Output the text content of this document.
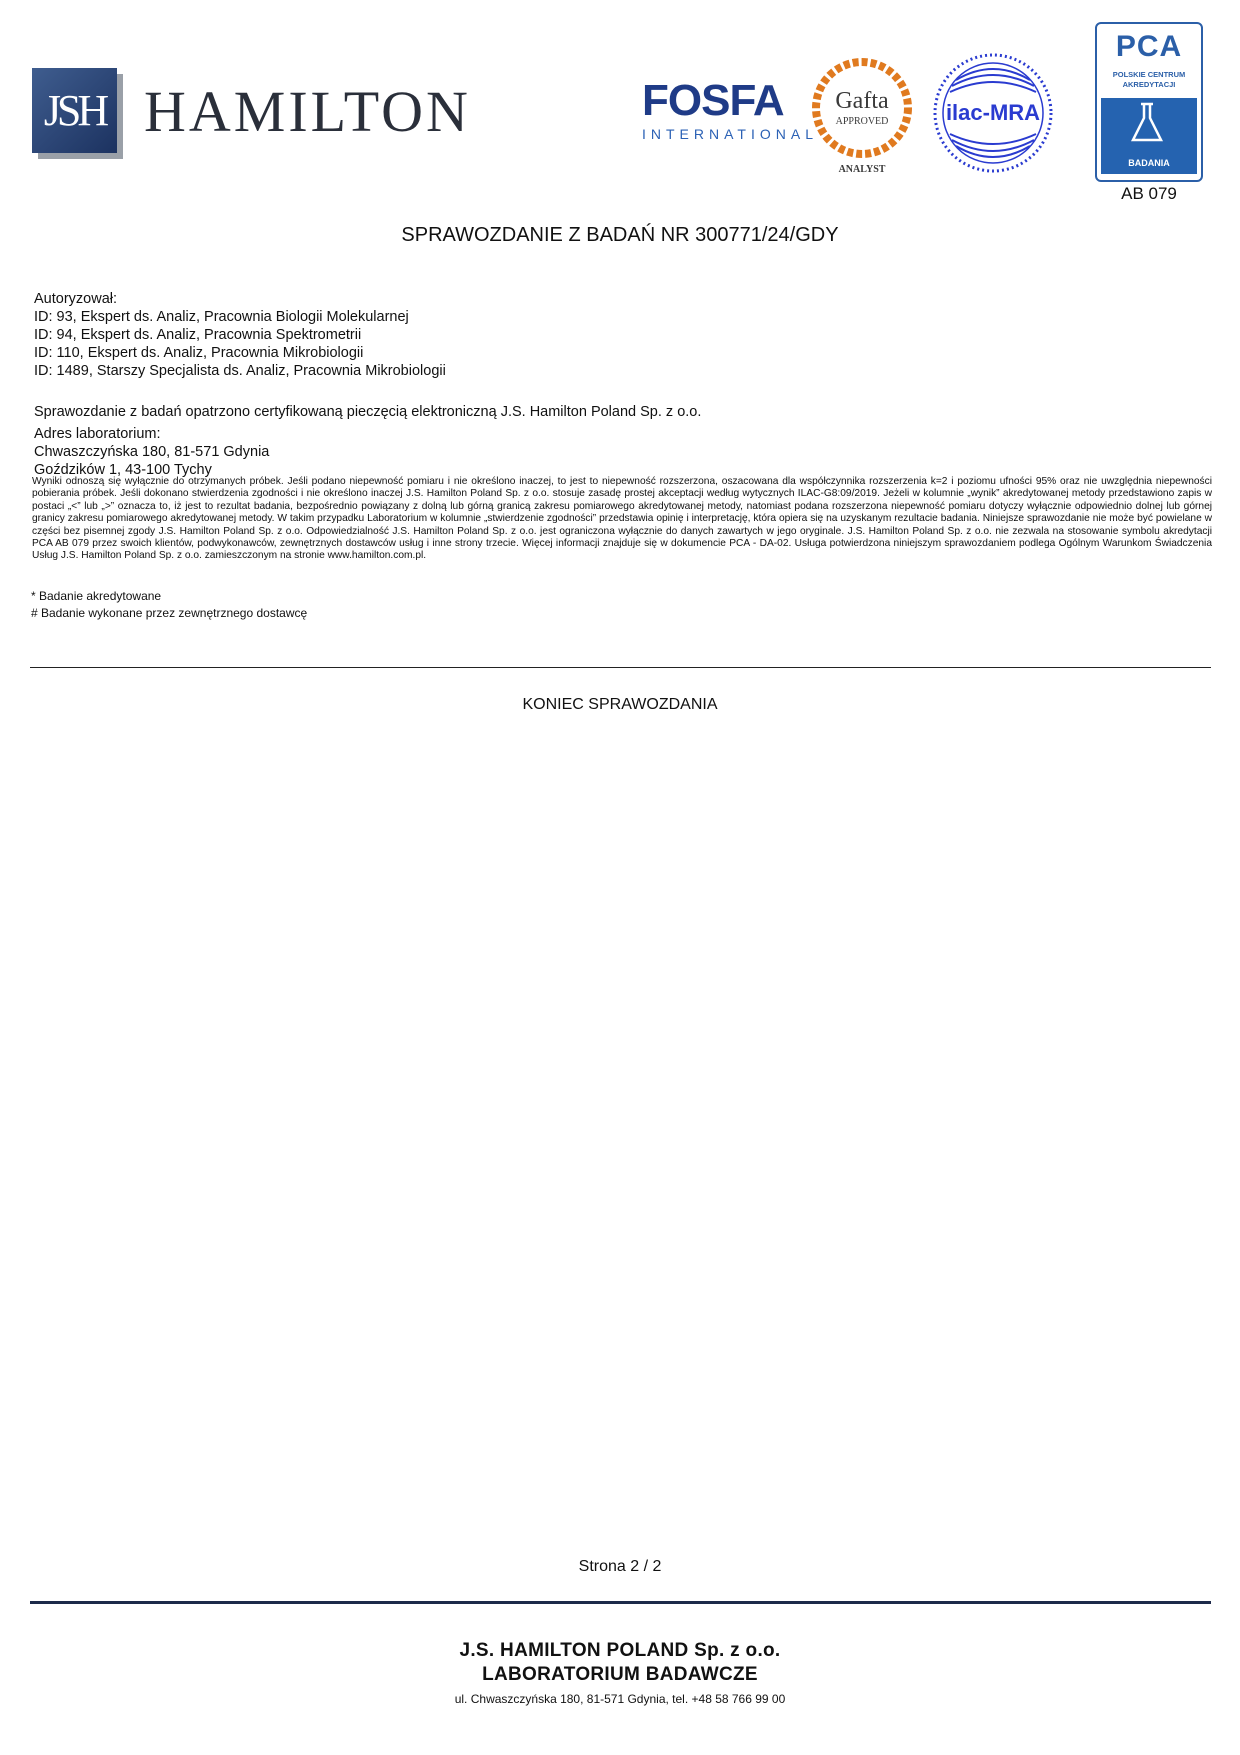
JSH HAMILTON	FOSFA
INTERNATIONAL
Gafta
APPROVED
ANALYST
ilac-MRA
PCA
POLSKIE CENTRUM
AKREDYTACJI
BADANIA
AB 079
SPRAWOZDANIE Z BADAŃ NR 300771/24/GDY
Autoryzował:
ID: 93, Ekspert ds. Analiz, Pracownia Biologii Molekularnej
ID: 94, Ekspert ds. Analiz, Pracownia Spektrometrii
ID: 110, Ekspert ds. Analiz, Pracownia Mikrobiologii
ID: 1489, Starszy Specjalista ds. Analiz, Pracownia Mikrobiologii
Sprawozdanie z badań opatrzono certyfikowaną pieczęcią elektroniczną J.S. Hamilton Poland Sp. z o.o.
Adres laboratorium:
Chwaszczyńska 180, 81-571 Gdynia
Goździków 1, 43-100 Tychy
Wyniki odnoszą się wyłącznie do otrzymanych próbek. Jeśli podano niepewność pomiaru i nie określono inaczej, to jest to niepewność rozszerzona, oszacowana dla współczynnika rozszerzenia k=2 i poziomu ufności 95% oraz nie uwzględnia niepewności pobierania próbek. Jeśli dokonano stwierdzenia zgodności i nie określono inaczej J.S. Hamilton Poland Sp. z o.o. stosuje zasadę prostej akceptacji według wytycznych ILAC-G8:09/2019. Jeżeli w kolumnie „wynik” akredytowanej metody przedstawiono zapis w postaci „<” lub „>” oznacza to, iż jest to rezultat badania, bezpośrednio powiązany z dolną lub górną granicą zakresu pomiarowego akredytowanej metody, natomiast podana rozszerzona niepewność pomiaru dotyczy wyłącznie odpowiednio dolnej lub górnej granicy zakresu pomiarowego akredytowanej metody. W takim przypadku Laboratorium w kolumnie „stwierdzenie zgodności” przedstawia opinię i interpretację, która opiera się na uzyskanym rezultacie badania. Niniejsze sprawozdanie nie może być powielane w części bez pisemnej zgody J.S. Hamilton Poland Sp. z o.o. Odpowiedzialność J.S. Hamilton Poland Sp. z o.o. jest ograniczona wyłącznie do danych zawartych w jego oryginale. J.S. Hamilton Poland Sp. z o.o. nie zezwala na stosowanie symbolu akredytacji PCA AB 079 przez swoich klientów, podwykonawców, zewnętrznych dostawców usług i inne strony trzecie. Więcej informacji znajduje się w dokumencie PCA - DA-02. Usługa potwierdzona niniejszym sprawozdaniem podlega Ogólnym Warunkom Świadczenia Usług J.S. Hamilton Poland Sp. z o.o. zamieszczonym na stronie www.hamilton.com.pl.
* Badanie akredytowane
# Badanie wykonane przez zewnętrznego dostawcę
KONIEC SPRAWOZDANIA
Strona 2 / 2
J.S. HAMILTON POLAND Sp. z o.o.
LABORATORIUM BADAWCZE
ul. Chwaszczyńska 180, 81-571 Gdynia, tel. +48 58 766 99 00
